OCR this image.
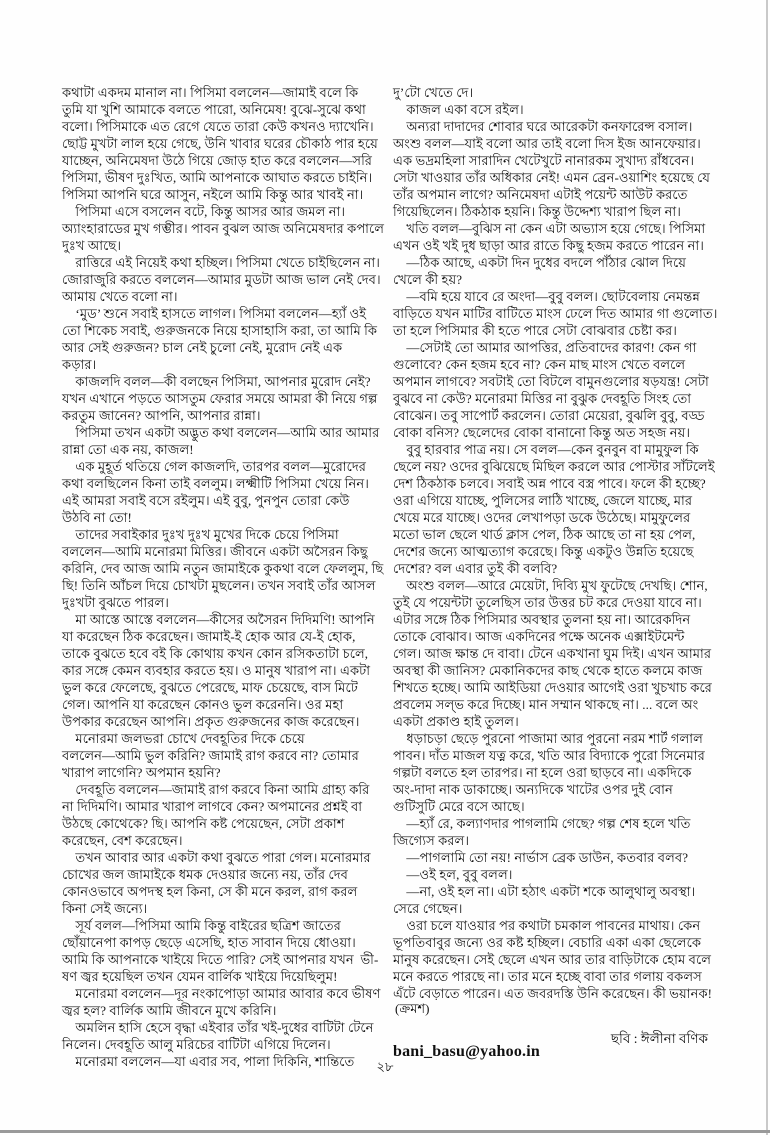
কথাটা একদম মানাল না। পিসিমা বললেন—জামাই বলে কি
তুমি যা খুশি আমাকে বলতে পারো, অনিমেষ! বুঝে-সুঝে কথা
বলো। পিসিমাকে এত রেগে যেতে তারা কেউ কখনও দ্যাখেনি।
ছোট্ট মুখটা লাল হয়ে গেছে, উনি খাবার ঘরের চৌকাঠ পার হয়ে
যাচ্ছেন, অনিমেষদা উঠে গিয়ে জোড় হাত করে বললেন—সরি
পিসিমা, ভীষণ দুঃখিত, আমি আপনাকে আঘাত করতে চাইনি।
পিসিমা আপনি ঘরে আসুন, নইলে আমি কিন্তু আর খাবই না।
পিসিমা এসে বসলেন বটে, কিন্তু আসর আর জমল না।
অ্যাংহারাডের মুখ গম্ভীর। পাবন বুঝল আজ অনিমেষদার কপালে
দুঃখ আছে।
রাত্তিরে এই নিয়েই কথা হচ্ছিল। পিসিমা খেতে চাইছিলেন না।
জোরাজুরি করতে বললেন—আমার মুডটা আজ ভাল নেই দেব।
আমায় খেতে বলো না।
‘মুড’ শুনে সবাই হাসতে লাগল। পিসিমা বললেন—হ্যাঁ ওই
তো শিকেচ সবাই, গুরুজনকে নিয়ে হাসাহাসি করা, তা আমি কি
আর সেই গুরুজন? চাল নেই চুলো নেই, মুরোদ নেই এক
কড়ার।
কাজলদি বলল—কী বলছেন পিসিমা, আপনার মুরোদ নেই?
যখন এখানে পড়তে আসতুম ফেরার সময়ে আমরা কী নিয়ে গল্প
করতুম জানেন? আপনি, আপনার রান্না।
পিসিমা তখন একটা অদ্ভুত কথা বললেন—আমি আর আমার
রান্না তো এক নয়, কাজল!
এক মুহূর্ত থতিয়ে গেল কাজলদি, তারপর বলল—মুরোদের
কথা বলছিলেন কিনা তাই বললুম। লক্ষ্মীটি পিসিমা খেয়ে নিন।
এই আমরা সবাই বসে রইলুম। এই বুবু, পুনপুন তোরা কেউ
উঠবি না তো!
তাদের সবাইকার দুঃখ দুঃখ মুখের দিকে চেয়ে পিসিমা
বললেন—আমি মনোরমা মিত্তির। জীবনে একটা অসৈরন কিছু
করিনি, দেব আজ আমি নতুন জামাইকে কুকথা বলে ফেললুম, ছি
ছি! তিনি আঁচল দিয়ে চোখটা মুছলেন। তখন সবাই তাঁর আসল
দুঃখটা বুঝতে পারল।
মা আস্তে আস্তে বললেন—কীসের অসৈরন দিদিমণি! আপনি
যা করেছেন ঠিক করেছেন। জামাই-ই হোক আর যে-ই হোক,
তাকে বুঝতে হবে বই কি কোথায় কখন কোন রসিকতাটা চলে,
কার সঙ্গে কেমন ব্যবহার করতে হয়। ও মানুষ খারাপ না। একটা
ভুল করে ফেলেছে, বুঝতে পেরেছে, মাফ চেয়েছে, বাস মিটে
গেল। আপনি যা করেছেন কোনও ভুল করেননি। ওর মহা
উপকার করেছেন আপনি। প্রকৃত গুরুজনের কাজ করেছেন।
মনোরমা জলভরা চোখে দেবহূতির দিকে চেয়ে
বললেন—আমি ভুল করিনি? জামাই রাগ করবে না? তোমার
খারাপ লাগেনি? অপমান হয়নি?
দেবহূতি বললেন—জামাই রাগ করবে কিনা আমি গ্রাহ্য করি
না দিদিমণি। আমার খারাপ লাগবে কেন? অপমানের প্রশ্নই বা
উঠছে কোথেকে? ছি। আপনি কষ্ট পেয়েছেন, সেটা প্রকাশ
করেছেন, বেশ করেছেন।
তখন আবার আর একটা কথা বুঝতে পারা গেল। মনোরমার
চোখের জল জামাইকে ধমক দেওয়ার জন্যে নয়, তাঁর দেব
কোনওভাবে অপদস্থ হল কিনা, সে কী মনে করল, রাগ করল
কিনা সেই জন্যে।
সূর্য বলল—পিসিমা আমি কিন্তু বাইরের ছত্রিশ জাতের
ছোঁয়ানেপা কাপড় ছেড়ে এসেছি, হাত সাবান দিয়ে ধোওয়া।
আমি কি আপনাকে খাইয়ে দিতে পারি? সেই আপনার যখন  ভী-
ষণ জ্বর হয়েছিল তখন যেমন বার্লিক খাইয়ে দিয়েছিলুম!
মনোরমা বললেন—দূর নংকাপোড়া আমার আবার কবে ভীষণ
জ্বর হল? বার্লিক আমি জীবনে মুখে করিনি।
অমলিন হাসি হেসে বৃদ্ধা এইবার তাঁর খই-দুধের বাটিটা টেনে
নিলেন। দেবহূতি আলু মরিচের বাটিটা এগিয়ে দিলেন।
মনোরমা বললেন—যা এবার সব, পালা দিকিনি, শান্তিতে
দু’টো খেতে দে।
কাজল একা বসে রইল।
অন্যরা দাদাদের শোবার ঘরে আরেকটা কনফারেন্স বসাল।
অংশু বলল—যাই বলো আর তাই বলো দিস ইজ আনফেয়ার।
এক ভদ্রমহিলা সারাদিন খেটেখুটে নানারকম সুখাদ্য রাঁধবেন।
সেটা খাওয়ার তাঁর অধিকার নেই! এমন ব্রেন-ওয়াশিং হয়েছে যে
তাঁর অপমান লাগে? অনিমেষদা এটাই পয়েন্ট আউট করতে
গিয়েছিলেন। ঠিকঠাক হয়নি। কিন্তু উদ্দেশ্য খারাপ ছিল না।
খতি বলল—বুঝিস না কেন এটা অভ্যাস হয়ে গেছে। পিসিমা
এখন ওই খই দুধ ছাড়া আর রাতে কিছু হজম করতে পারেন না।
—ঠিক আছে, একটা দিন দুধের বদলে পাঁঠার ঝোল দিয়ে
খেলে কী হয়?
—বমি হয়ে যাবে রে অংদা—বুবু বলল। ছোটবেলায় নেমন্তন্ন
বাড়িতে যখন মাটির বাটিতে মাংস ঢেলে দিত আমার গা গুলোত।
তা হলে পিসিমার কী হতে পারে সেটা বোঝবার চেষ্টা কর।
—সেটাই তো আমার আপত্তির, প্রতিবাদের কারণ! কেন গা
গুলোবে? কেন হজম হবে না? কেন মাছ মাংস খেতে বললে
অপমান লাগবে? সবটাই তো বিটলে বামুনগুলোর ষড়যন্ত্র! সেটা
বুঝবে না কেউ? মনোরমা মিত্তির না বুঝুক দেবহূতি সিংহ তো
বোঝেন। তবু সাপোর্ট করলেন। তোরা মেয়েরা, বুঝলি বুবু, বড্ড
বোকা বনিস? ছেলেদের বোকা বানানো কিন্তু অত সহজ নয়।
বুবু হারবার পাত্র নয়। সে বলল—কেন বুনবুন বা মামুফুল কি
ছেলে নয়? ওদের বুঝিয়েছে মিছিল করলে আর পোস্টার সাঁটলেই
দেশ ঠিকঠাক চলবে। সবাই অন্ন পাবে বস্ত্র পাবে। ফলে কী হচ্ছে?
ওরা এগিয়ে যাচ্ছে, পুলিসের লাঠি খাচ্ছে, জেলে যাচ্ছে, মার
খেয়ে মরে যাচ্ছে। ওদের লেখাপড়া ডকে উঠেছে। মামুফুলের
মতো ভাল ছেলে থার্ড ক্লাস পেল, ঠিক আছে তা না হয় পেল,
দেশের জন্যে আত্মত্যাগ করেছে। কিন্তু একটুও উন্নতি হয়েছে
দেশের? বল এবার তুই কী বলবি?
অংশু বলল—আরে মেয়েটা, দিব্যি মুখ ফুটেছে দেখছি। শোন,
তুই যে পয়েন্টটা তুলেছিস তার উত্তর চট করে দেওয়া যাবে না।
এটার সঙ্গে ঠিক পিসিমার অবস্থার তুলনা হয় না। আরেকদিন
তোকে বোঝাব। আজ একদিনের পক্ষে অনেক এক্সাইটমেন্ট
গেল। আজ ক্ষান্ত দে বাবা। টেনে একখানা ঘুম দিই। এখন আমার
অবস্থা কী জানিস? মেকানিকদের কাছ থেকে হাতে কলমে কাজ
শিখতে হচ্ছে। আমি আইডিয়া দেওয়ার আগেই ওরা খুচখাচ করে
প্রবলেম সল্‌ভ করে দিচ্ছে। মান সম্মান থাকছে না। ... বলে অং
একটা প্রকাণ্ড হাই তুলল।
ধড়াচড়া ছেড়ে পুরনো পাজামা আর পুরনো নরম শার্ট গলাল
পাবন। দাঁত মাজল যত্ন করে, খতি আর বিদ্যাকে পুরো সিনেমার
গল্পটা বলতে হল তারপর। না হলে ওরা ছাড়বে না। একদিকে
অং-দাদা নাক ডাকাচ্ছে। অন্যদিকে খাটের ওপর দুই বোন
গুটিসুটি মেরে বসে আছে।
—হ্যাঁ রে, কল্যাণদার পাগলামি গেছে? গল্প শেষ হলে খতি
জিগ্যেস করল।
—পাগলামি তো নয়! নার্ভাস ব্রেক ডাউন, কতবার বলব?
—ওই হল, বুবু বলল।
—না, ওই হল না। এটা হঠাৎ একটা শকে আলুথালু অবস্থা।
সেরে গেছেন।
ওরা চলে যাওয়ার পর কথাটা চমকাল পাবনের মাথায়। কেন
ভূপতিবাবুর জন্যে ওর কষ্ট হচ্ছিল। বেচারি একা একা ছেলেকে
মানুষ করেছেন। সেই ছেলে এখন আর তার বাড়িটাকে হোম বলে
মনে করতে পারছে না। তার মনে হচ্ছে বাবা তার গলায় বকলস
এঁটে বেড়াতে পারেন। এত জবরদস্তি উনি করেছেন। কী ভয়ানক!
(ক্রমশ)
ছবি : ঈলীনা বণিক
bani_basu@yahoo.in
২৮
